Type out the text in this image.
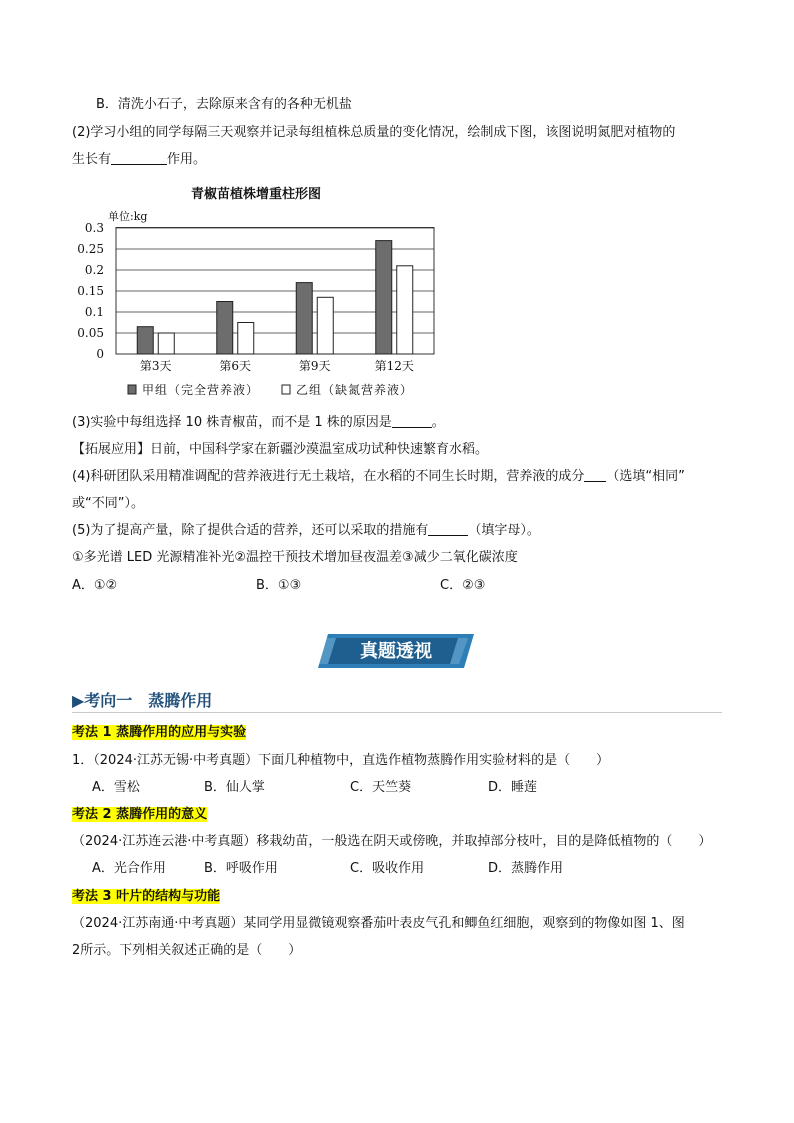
B．清洗小石子，去除原来含有的各种无机盐
(2)学习小组的同学每隔三天观察并记录每组植株总质量的变化情况，绘制成下图，该图说明氮肥对植物的
生长有	作用。
青椒苗植株增重柱形图
单位:kg
0.3
0.25
0.2
0.15
0.1
0.05
0
第3天	第6天	第9天	第12天
甲组（完全营养液）	乙组（缺氮营养液）
(3)实验中每组选择 10 株青椒苗，而不是 1 株的原因是	。
【拓展应用】日前，中国科学家在新疆沙漠温室成功试种快速繁育水稻。
(4)科研团队采用精准调配的营养液进行无土栽培，在水稻的不同生长时期，营养液的成分 （选填“相同”
或“不同”）。
(5)为了提高产量，除了提供合适的营养，还可以采取的措施有	（填字母）。
①多光谱 LED 光源精准补光②温控干预技术增加昼夜温差③减少二氧化碳浓度
A．①②	B．①③	C．②③
真题透视
▶考向一　蒸腾作用
考法 1 蒸腾作用的应用与实验
1．（2024·江苏无锡·中考真题）下面几种植物中，直选作植物蒸腾作用实验材料的是（　　）
A．雪松	B．仙人掌	C．天竺葵	D．睡莲
考法 2 蒸腾作用的意义
（2024·江苏连云港·中考真题）移栽幼苗，一般选在阴天或傍晚，并取掉部分枝叶，目的是降低植物的（　　）
A．光合作用	B．呼吸作用	C．吸收作用	D．蒸腾作用
考法 3 叶片的结构与功能
（2024·江苏南通·中考真题）某同学用显微镜观察番茄叶表皮气孔和鲫鱼红细胞，观察到的物像如图 1、图
2所示。下列相关叙述正确的是（　　）
